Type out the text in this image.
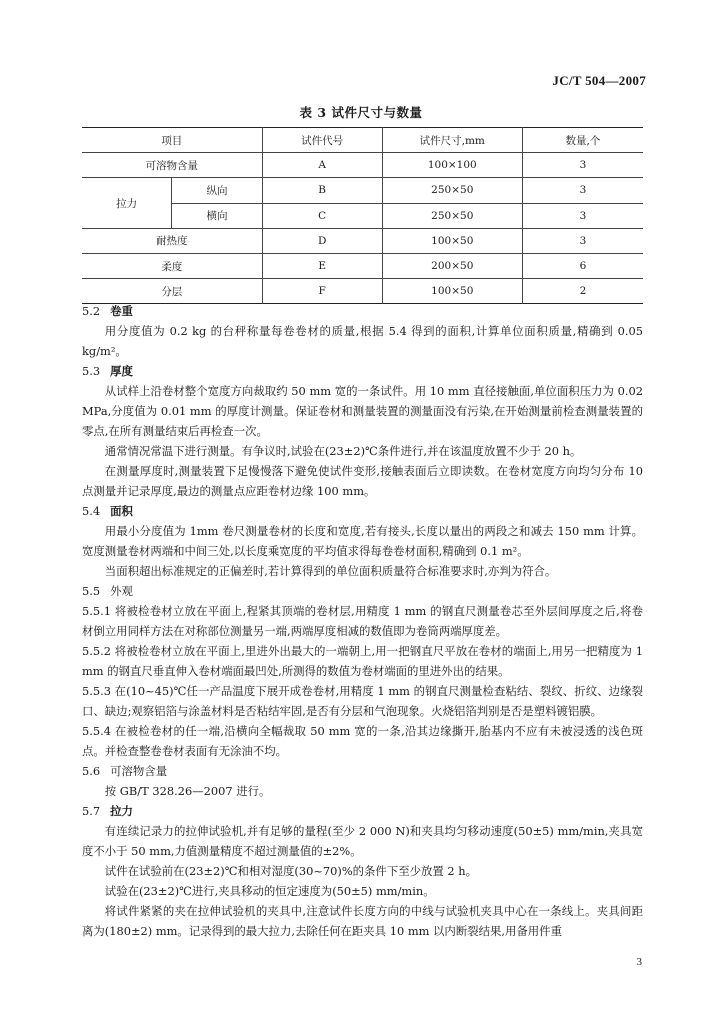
JC/T 504—2007
表 3 试件尺寸与数量
项目		试件代号	试件尺寸,mm	数量,个
可溶物含量		A	100×100	3
拉力	纵向	B	250×50	3
	横向	C	250×50	3
耐热度		D	100×50	3
柔度		E	200×50	6
分层		F	100×50	2

5.2 卷重

用分度值为 0.2 kg 的台秤称量每卷卷材的质量,根据 5.4 得到的面积,计算单位面积质量,精确到 0.05 kg/m²。

5.3 厚度

从试样上沿卷材整个宽度方向裁取约 50 mm 宽的一条试件。用 10 mm 直径接触面,单位面积压力为 0.02 MPa,分度值为 0.01 mm 的厚度计测量。保证卷材和测量装置的测量面没有污染,在开始测量前检查测量装置的零点,在所有测量结束后再检查一次。

通常情况常温下进行测量。有争议时,试验在(23±2)℃条件进行,并在该温度放置不少于 20 h。

在测量厚度时,测量装置下足慢慢落下避免使试件变形,接触表面后立即读数。在卷材宽度方向均匀分布 10 点测量并记录厚度,最边的测量点应距卷材边缘 100 mm。

5.4 面积

用最小分度值为 1mm 卷尺测量卷材的长度和宽度,若有接头,长度以量出的两段之和减去 150 mm 计算。宽度测量卷材两端和中间三处,以长度乘宽度的平均值求得每卷卷材面积,精确到 0.1 m²。

当面积超出标准规定的正偏差时,若计算得到的单位面积质量符合标准要求时,亦判为符合。

5.5 外观

5.5.1 将被检卷材立放在平面上,程紧其顶端的卷材层,用精度 1 mm 的钢直尺测量卷芯至外层间厚度之后,将卷材倒立用同样方法在对称部位测量另一端,两端厚度相减的数值即为卷筒两端厚度差。

5.5.2 将被检卷材立放在平面上,里进外出最大的一端朝上,用一把钢直尺平放在卷材的端面上,用另一把精度为 1 mm 的钢直尺垂直伸入卷材端面最凹处,所测得的数值为卷材端面的里进外出的结果。

5.5.3 在(10~45)℃任一产品温度下展开成卷卷材,用精度 1 mm 的钢直尺测量检查粘结、裂纹、折纹、边缘裂口、缺边;观察铝箔与涂盖材料是否粘结牢固,是否有分层和气泡现象。火烧铝箔判别是否是塑料镀铝膜。

5.5.4 在被检卷材的任一端,沿横向全幅裁取 50 mm 宽的一条,沿其边缘撕开,胎基内不应有未被浸透的浅色斑点。并检查整卷卷材表面有无涂油不均。

5.6 可溶物含量

按 GB/T 328.26—2007 进行。

5.7 拉力

有连续记录力的拉伸试验机,并有足够的量程(至少 2 000 N)和夹具均匀移动速度(50±5) mm/min,夹具宽度不小于 50 mm,力值测量精度不超过测量值的±2%。

试件在试验前在(23±2)℃和相对湿度(30~70)%的条件下至少放置 2 h。

试验在(23±2)℃进行,夹具移动的恒定速度为(50±5) mm/min。

将试件紧紧的夹在拉伸试验机的夹具中,注意试件长度方向的中线与试验机夹具中心在一条线上。夹具间距离为(180±2) mm。记录得到的最大拉力,去除任何在距夹具 10 mm 以内断裂结果,用备用件重

3
